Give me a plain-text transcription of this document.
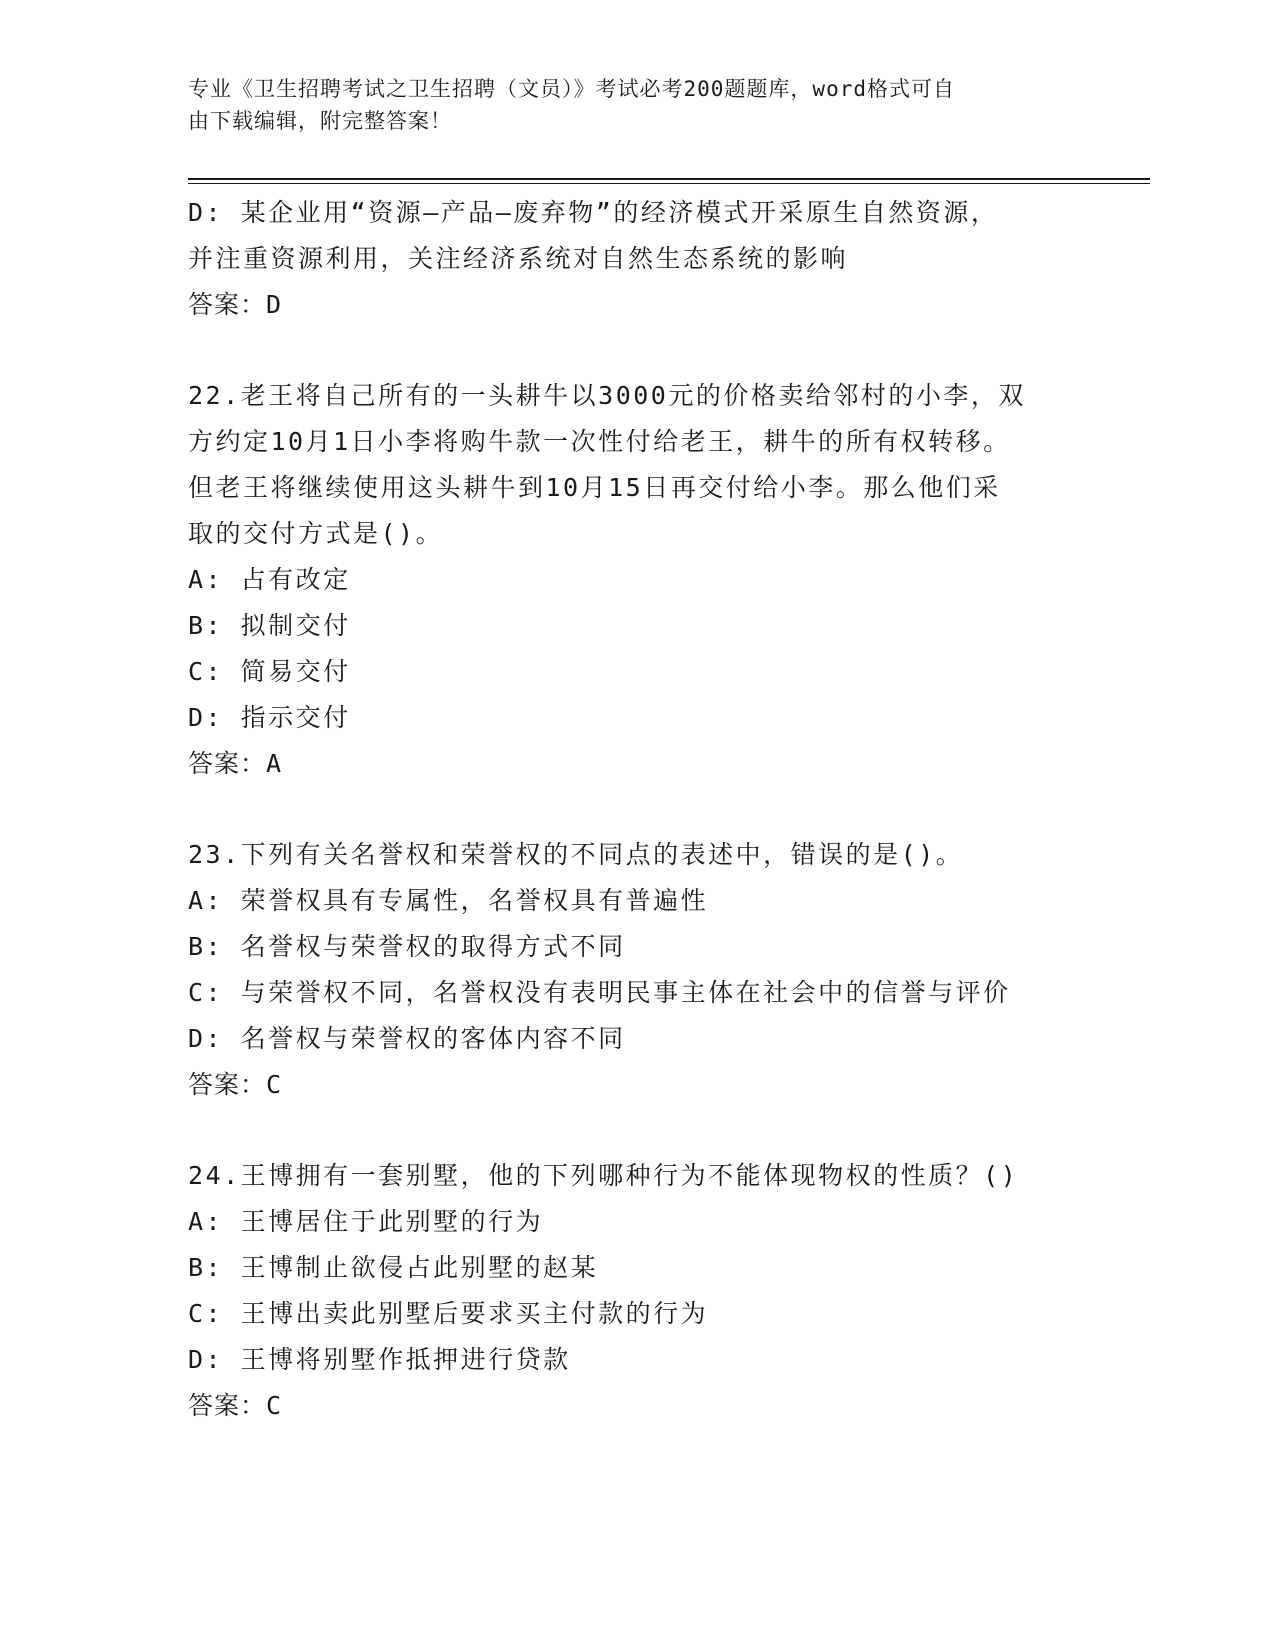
专业《卫生招聘考试之卫生招聘（文员）》考试必考200题题库，word格式可自
由下载编辑，附完整答案！
D: 某企业用“资源—产品—废弃物”的经济模式开采原生自然资源，
并注重资源利用，关注经济系统对自然生态系统的影响
答案：D
22.老王将自己所有的一头耕牛以3000元的价格卖给邻村的小李，双
方约定10月1日小李将购牛款一次性付给老王，耕牛的所有权转移。
但老王将继续使用这头耕牛到10月15日再交付给小李。那么他们采
取的交付方式是()。
A: 占有改定
B: 拟制交付
C: 简易交付
D: 指示交付
答案：A
23.下列有关名誉权和荣誉权的不同点的表述中，错误的是()。
A: 荣誉权具有专属性，名誉权具有普遍性
B: 名誉权与荣誉权的取得方式不同
C: 与荣誉权不同，名誉权没有表明民事主体在社会中的信誉与评价
D: 名誉权与荣誉权的客体内容不同
答案：C
24.王博拥有一套别墅，他的下列哪种行为不能体现物权的性质？()
A: 王博居住于此别墅的行为
B: 王博制止欲侵占此别墅的赵某
C: 王博出卖此别墅后要求买主付款的行为
D: 王博将别墅作抵押进行贷款
答案：C
